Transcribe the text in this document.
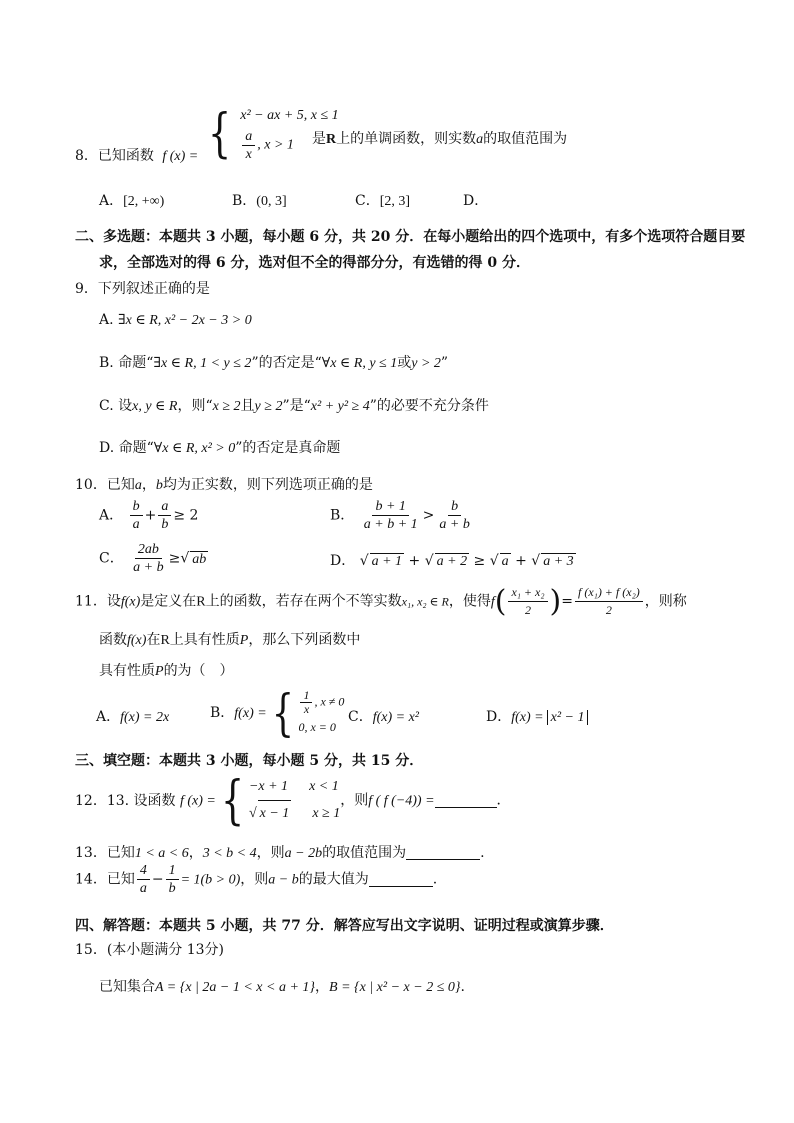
8．已知函数 f (x) = { x² − ax + 5, x ≤ 1
$\frac{a}{x}$ , x > 1	是R上的单调函数，则实数a的取值范围为
A．[2, +∞)	B．(0, 3]	C．[2, 3]	D．
二、多选题：本题共 3 小题，每小题 6 分，共 20 分．在每小题给出的四个选项中，有多个选项符合题目要
求，全部选对的得 6 分，选对但不全的得部分分，有选错的得 0 分．
9．下列叙述正确的是
A. ∃x ∈ R, x² − 2x − 3 > 0
B. 命题“∃x ∈ R, 1 < y ≤ 2”的否定是“∀x ∈ R, y ≤ 1或y > 2”
C. 设x, y ∈ R，则“x ≥ 2且y ≥ 2”是“x² + y² ≥ 4”的必要不充分条件
D. 命题“∀x ∈ R, x² > 0”的否定是真命题
10．已知a，b均为正实数，则下列选项正确的是
A． $\frac{b}{a} + \frac{a}{b} \ge 2$	B． $\frac{b + 1}{a + b + 1} > \frac{b}{a + b}$
C． $\frac{2ab}{a + b}$ ≥√ ab	D． √ a + 1 + √ a + 2 ≥ √ a + √ a + 3
11．设f(x)是定义在R上的函数，若存在两个不等实数x₁, x₂ ∈ R，使得$f( \frac{\text{x₁ + x₂}}{2}$ )= $\frac{\text{f (x₁) + f (x₂)}}{2}$ ，则称
函数f(x)在R上具有性质P，那么下列函数中
具有性质P的为（　）
A．f(x) = 2x	B．f(x) ={ $\frac{1}{x}$ , x ≠ 0
0, x = 0
C．f(x) = x²	D．f(x) = x² − 1
三、填空题：本题共 3 小题，每小题 5 分，共 15 分．
12．13. 设函数 f (x) ={ −x + 1   x < 1
√ x − 1   x ≥ 1
，则f ( f (−4)) =	．
13．已知1 < a < 6，3 < b < 4，则a − 2b的取值范围为	.
14．已知 $\frac{4}{a} - \frac{1}{b} = 1(b > 0)$，则a − b的最大值为	.
四、解答题：本题共 5 小题，共 77 分．解答应写出文字说明、证明过程或演算步骤．
15．(本小题满分 13分)
已知集合A = {x | 2a − 1 < x < a + 1}，B = {x | x² − x − 2 ≤ 0}.
